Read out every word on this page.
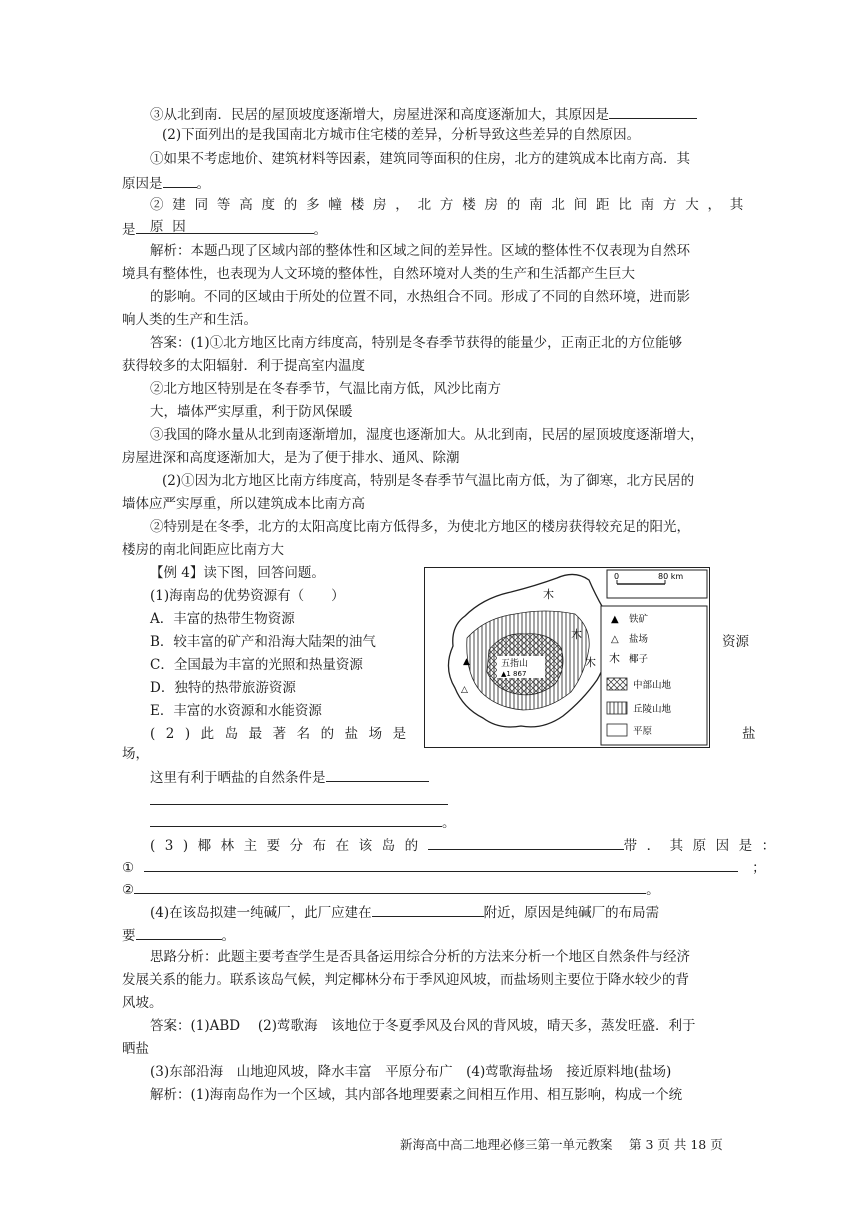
③从北到南．民居的屋顶坡度逐渐增大，房屋进深和高度逐渐加大，其原因是
(2)下面列出的是我国南北方城市住宅楼的差异，分析导致这些差异的自然原因。
①如果不考虑地价、建筑材料等因素，建筑同等面积的住房，北方的建筑成本比南方高．其
原因是	。
②建同等高度的多幢楼房，北方楼房的南北间距比南方大，其原因
是	。
解析：本题凸现了区域内部的整体性和区域之间的差异性。区域的整体性不仅表现为自然环
境具有整体性，也表现为人文环境的整体性，自然环境对人类的生产和生活都产生巨大
的影响。不同的区域由于所处的位置不同，水热组合不同。形成了不同的自然环境，进而影
响人类的生产和生活。
答案：(1)①北方地区比南方纬度高，特别是冬春季节获得的能量少，正南正北的方位能够
获得较多的太阳辐射．利于提高室内温度
②北方地区特别是在冬春季节，气温比南方低，风沙比南方
大，墙体严实厚重，利于防风保暖
③我国的降水量从北到南逐渐增加，湿度也逐渐加大。从北到南，民居的屋顶坡度逐渐增大，
房屋进深和高度逐渐加大，是为了便于排水、通风、除潮
(2)①因为北方地区比南方纬度高，特别是冬春季节气温比南方低，为了御寒，北方民居的
墙体应严实厚重，所以建筑成本比南方高
②特别是在冬季，北方的太阳高度比南方低得多，为使北方地区的楼房获得较充足的阳光，
楼房的南北间距应比南方大
【例 4】读下图，回答问题。
(1)海南岛的优势资源有（　　）
A．丰富的热带生物资源
B．较丰富的矿产和沿海大陆架的油气	资源
C．全国最为丰富的光照和热量资源
D．独特的热带旅游资源
E．丰富的水资源和水能资源
(2)此岛最著名的盐场是	盐
场，
这里有利于晒盐的自然条件是
。
(3)椰林主要分布在该岛的	带．其原因是：
①	；
②	。
(4)在该岛拟建一纯碱厂，此厂应建在	附近，原因是纯碱厂的布局需
要	。
思路分析：此题主要考查学生是否具备运用综合分析的方法来分析一个地区自然条件与经济
发展关系的能力。联系该岛气候，判定椰林分布于季风迎风坡，而盐场则主要位于降水较少的背
风坡。
答案：(1)ABD　 (2)莺歌海　该地位于冬夏季风及台风的背风坡，晴天多，蒸发旺盛．利于
晒盐
(3)东部沿海　山地迎风坡，降水丰富　平原分布广　(4)莺歌海盐场　接近原料地(盐场)
解析：(1)海南岛作为一个区域，其内部各地理要素之间相互作用、相互影响，构成一个统
0	80 km
五指山
▲1 867
▲
△
⽊
⽊
⽊
▲ 铁矿
△ 盐场
⽊ 椰子
中部山地
丘陵山地
平原
新海高中高二地理必修三第一单元教案　 第 3 页 共 18 页
